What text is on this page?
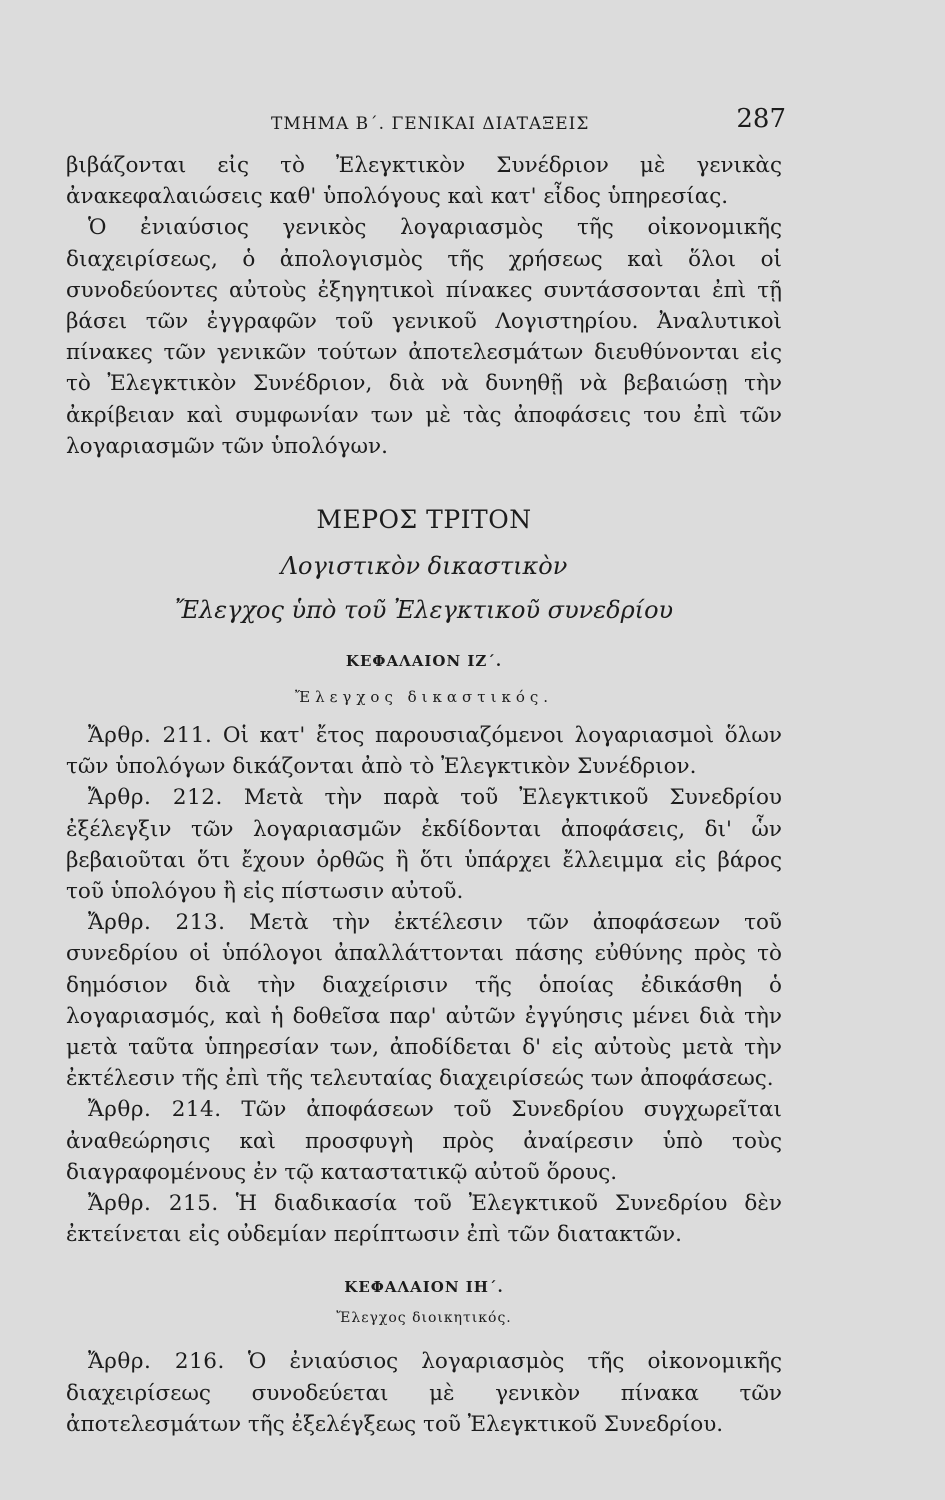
ΤΜΗΜΑ Β΄. ΓΕΝΙΚΑΙ ΔΙΑΤΑΞΕΙΣ	287

βιβάζονται εἰς τὸ Ἐλεγκτικὸν Συνέδριον μὲ γενικὰς ἀνακεφαλαιώσεις καθ' ὑπολόγους καὶ κατ' εἶδος ὑπηρεσίας.

Ὁ ἐνιαύσιος γενικὸς λογαριασμὸς τῆς οἰκονομικῆς διαχειρίσεως, ὁ ἀπολογισμὸς τῆς χρήσεως καὶ ὅλοι οἱ συνοδεύοντες αὐτοὺς ἐξηγητικοὶ πίνακες συντάσσονται ἐπὶ τῇ βάσει τῶν ἐγγραφῶν τοῦ γενικοῦ Λογιστηρίου. Ἀναλυτικοὶ πίνακες τῶν γενικῶν τούτων ἀποτελεσμάτων διευθύνονται εἰς τὸ Ἐλεγκτικὸν Συνέδριον, διὰ νὰ δυνηθῇ νὰ βεβαιώσῃ τὴν ἀκρίβειαν καὶ συμφωνίαν των μὲ τὰς ἀποφάσεις του ἐπὶ τῶν λογαριασμῶν τῶν ὑπολόγων.

ΜΕΡΟΣ ΤΡΙΤΟΝ
Λογιστικὸν δικαστικὸν
Ἔλεγχος ὑπὸ τοῦ Ἐλεγκτικοῦ συνεδρίου
ΚΕΦΑΛΑΙΟΝ ΙΖ΄.
Ἔλεγχος δικαστικός.

Ἄρθρ. 211. Οἱ κατ' ἔτος παρουσιαζόμενοι λογαριασμοὶ ὅλων τῶν ὑπολόγων δικάζονται ἀπὸ τὸ Ἐλεγκτικὸν Συνέδριον.

Ἄρθρ. 212. Μετὰ τὴν παρὰ τοῦ Ἐλεγκτικοῦ Συνεδρίου ἐξέλεγξιν τῶν λογαριασμῶν ἐκδίδονται ἀποφάσεις, δι' ὧν βεβαιοῦται ὅτι ἔχουν ὀρθῶς ἢ ὅτι ὑπάρχει ἔλλειμμα εἰς βάρος τοῦ ὑπολόγου ἢ εἰς πίστωσιν αὐτοῦ.

Ἄρθρ. 213. Μετὰ τὴν ἐκτέλεσιν τῶν ἀποφάσεων τοῦ συνεδρίου οἱ ὑπόλογοι ἀπαλλάττονται πάσης εὐθύνης πρὸς τὸ δημόσιον διὰ τὴν διαχείρισιν τῆς ὁποίας ἐδικάσθη ὁ λογαριασμός, καὶ ἡ δοθεῖσα παρ' αὐτῶν ἐγγύησις μένει διὰ τὴν μετὰ ταῦτα ὑπηρεσίαν των, ἀποδίδεται δ' εἰς αὐτοὺς μετὰ τὴν ἐκτέλεσιν τῆς ἐπὶ τῆς τελευταίας διαχειρίσεώς των ἀποφάσεως.

Ἄρθρ. 214. Τῶν ἀποφάσεων τοῦ Συνεδρίου συγχωρεῖται ἀναθεώρησις καὶ προσφυγὴ πρὸς ἀναίρεσιν ὑπὸ τοὺς διαγραφομένους ἐν τῷ καταστατικῷ αὐτοῦ ὅρους.

Ἄρθρ. 215. Ἡ διαδικασία τοῦ Ἐλεγκτικοῦ Συνεδρίου δὲν ἐκτείνεται εἰς οὐδεμίαν περίπτωσιν ἐπὶ τῶν διατακτῶν.

ΚΕΦΑΛΑΙΟΝ ΙΗ΄.
Ἔλεγχος διοικητικός.

Ἄρθρ. 216. Ὁ ἐνιαύσιος λογαριασμὸς τῆς οἰκονομικῆς διαχειρίσεως συνοδεύεται μὲ γενικὸν πίνακα τῶν ἀποτελεσμάτων τῆς ἐξελέγξεως τοῦ Ἐλεγκτικοῦ Συνεδρίου.
